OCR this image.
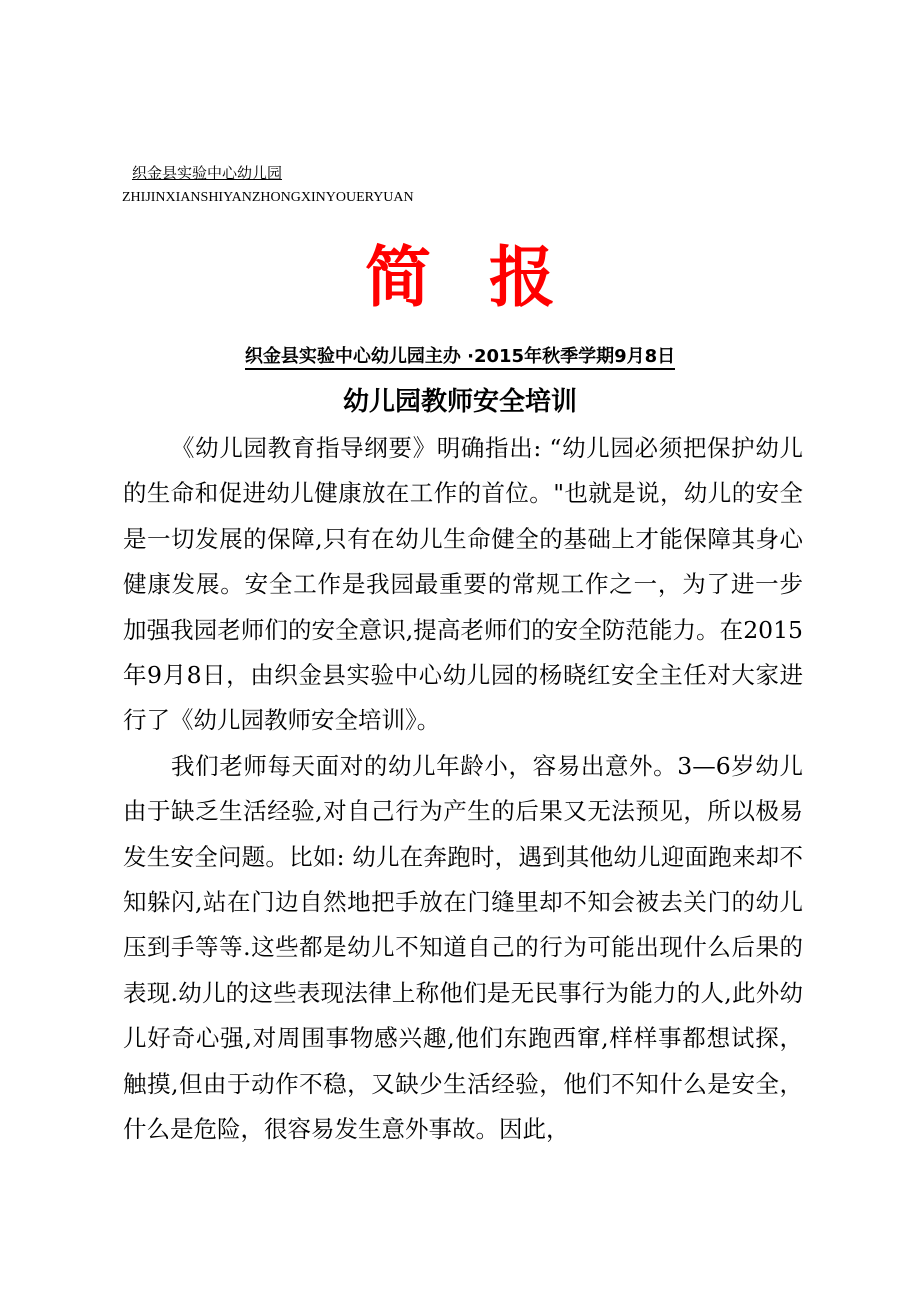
织金县实验中心幼儿园
ZHIJINXIANSHIYANZHONGXINYOUERYUAN
简报
织金县实验中心幼儿园主办 ·2015年秋季学期9月8日
幼儿园教师安全培训

《幼儿园教育指导纲要》明确指出: “幼儿园必须把保护幼儿的生命和促进幼儿健康放在工作的首位。"也就是说，幼儿的安全是一切发展的保障,只有在幼儿生命健全的基础上才能保障其身心健康发展。安全工作是我园最重要的常规工作之一，为了进一步加强我园老师们的安全意识,提高老师们的安全防范能力。在2015年9月8日，由织金县实验中心幼儿园的杨晓红安全主任对大家进行了《幼儿园教师安全培训》。

我们老师每天面对的幼儿年龄小，容易出意外。3—6岁幼儿由于缺乏生活经验,对自己行为产生的后果又无法预见，所以极易发生安全问题。比如: 幼儿在奔跑时，遇到其他幼儿迎面跑来却不知躲闪,站在门边自然地把手放在门缝里却不知会被去关门的幼儿压到手等等.这些都是幼儿不知道自己的行为可能出现什么后果的表现.幼儿的这些表现法律上称他们是无民事行为能力的人,此外幼儿好奇心强,对周围事物感兴趣,他们东跑西窜,样样事都想试探，触摸,但由于动作不稳，又缺少生活经验，他们不知什么是安全，什么是危险，很容易发生意外事故。因此，
